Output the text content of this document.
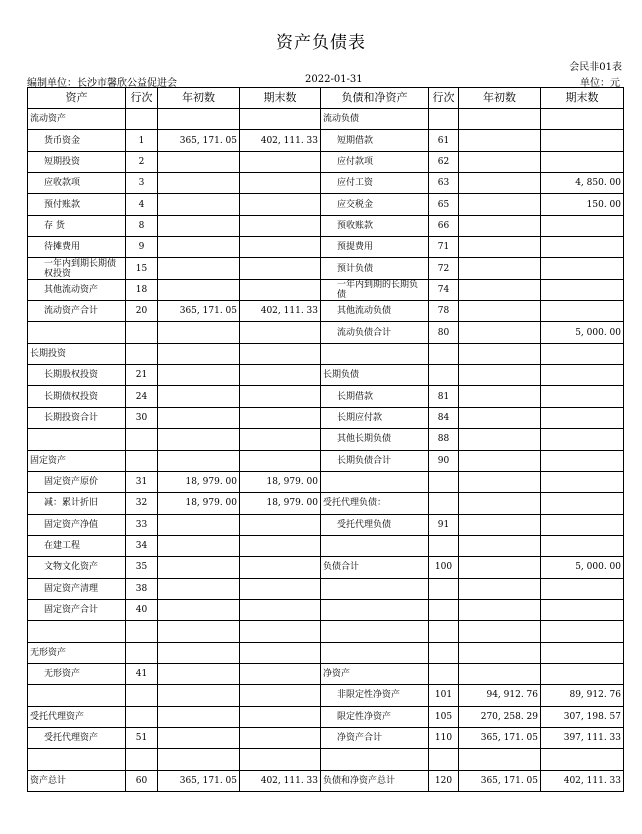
资产负债表
会民非01表
编制单位：长沙市馨欣公益促进会	2022-01-31	单位：元
资产	行次	年初数	期末数	负债和净资产	行次	年初数	期末数
流动资产				流动负债			
货币资金	1	365, 171. 05	402, 111. 33	短期借款	61		
短期投资	2			应付款项	62		
应收款项	3			应付工资	63		4, 850. 00
预付账款	4			应交税金	65		150. 00
存 货	8			预收账款	66		
待摊费用	9			预提费用	71		
一年内到期长期债权投资	15			预计负债	72		
其他流动资产	18			一年内到期的长期负债	74		
流动资产合计	20	365, 171. 05	402, 111. 33	其他流动负债	78		
				流动负债合计	80		5, 000. 00
长期投资							
长期股权投资	21			长期负债			
长期债权投资	24			长期借款	81		
长期投资合计	30			长期应付款	84		
				其他长期负债	88		
固定资产				长期负债合计	90		
固定资产原价	31	18, 979. 00	18, 979. 00				
减：累计折旧	32	18, 979. 00	18, 979. 00	受托代理负债：			
固定资产净值	33			受托代理负债	91		
在建工程	34						
文物文化资产	35			负债合计	100		5, 000. 00
固定资产清理	38						
固定资产合计	40						

无形资产							
无形资产	41			净资产			
				非限定性净资产	101	94, 912. 76	89, 912. 76
受托代理资产				限定性净资产	105	270, 258. 29	307, 198. 57
受托代理资产	51			净资产合计	110	365, 171. 05	397, 111. 33

资产总计	60	365, 171. 05	402, 111. 33	负债和净资产总计	120	365, 171. 05	402, 111. 33
